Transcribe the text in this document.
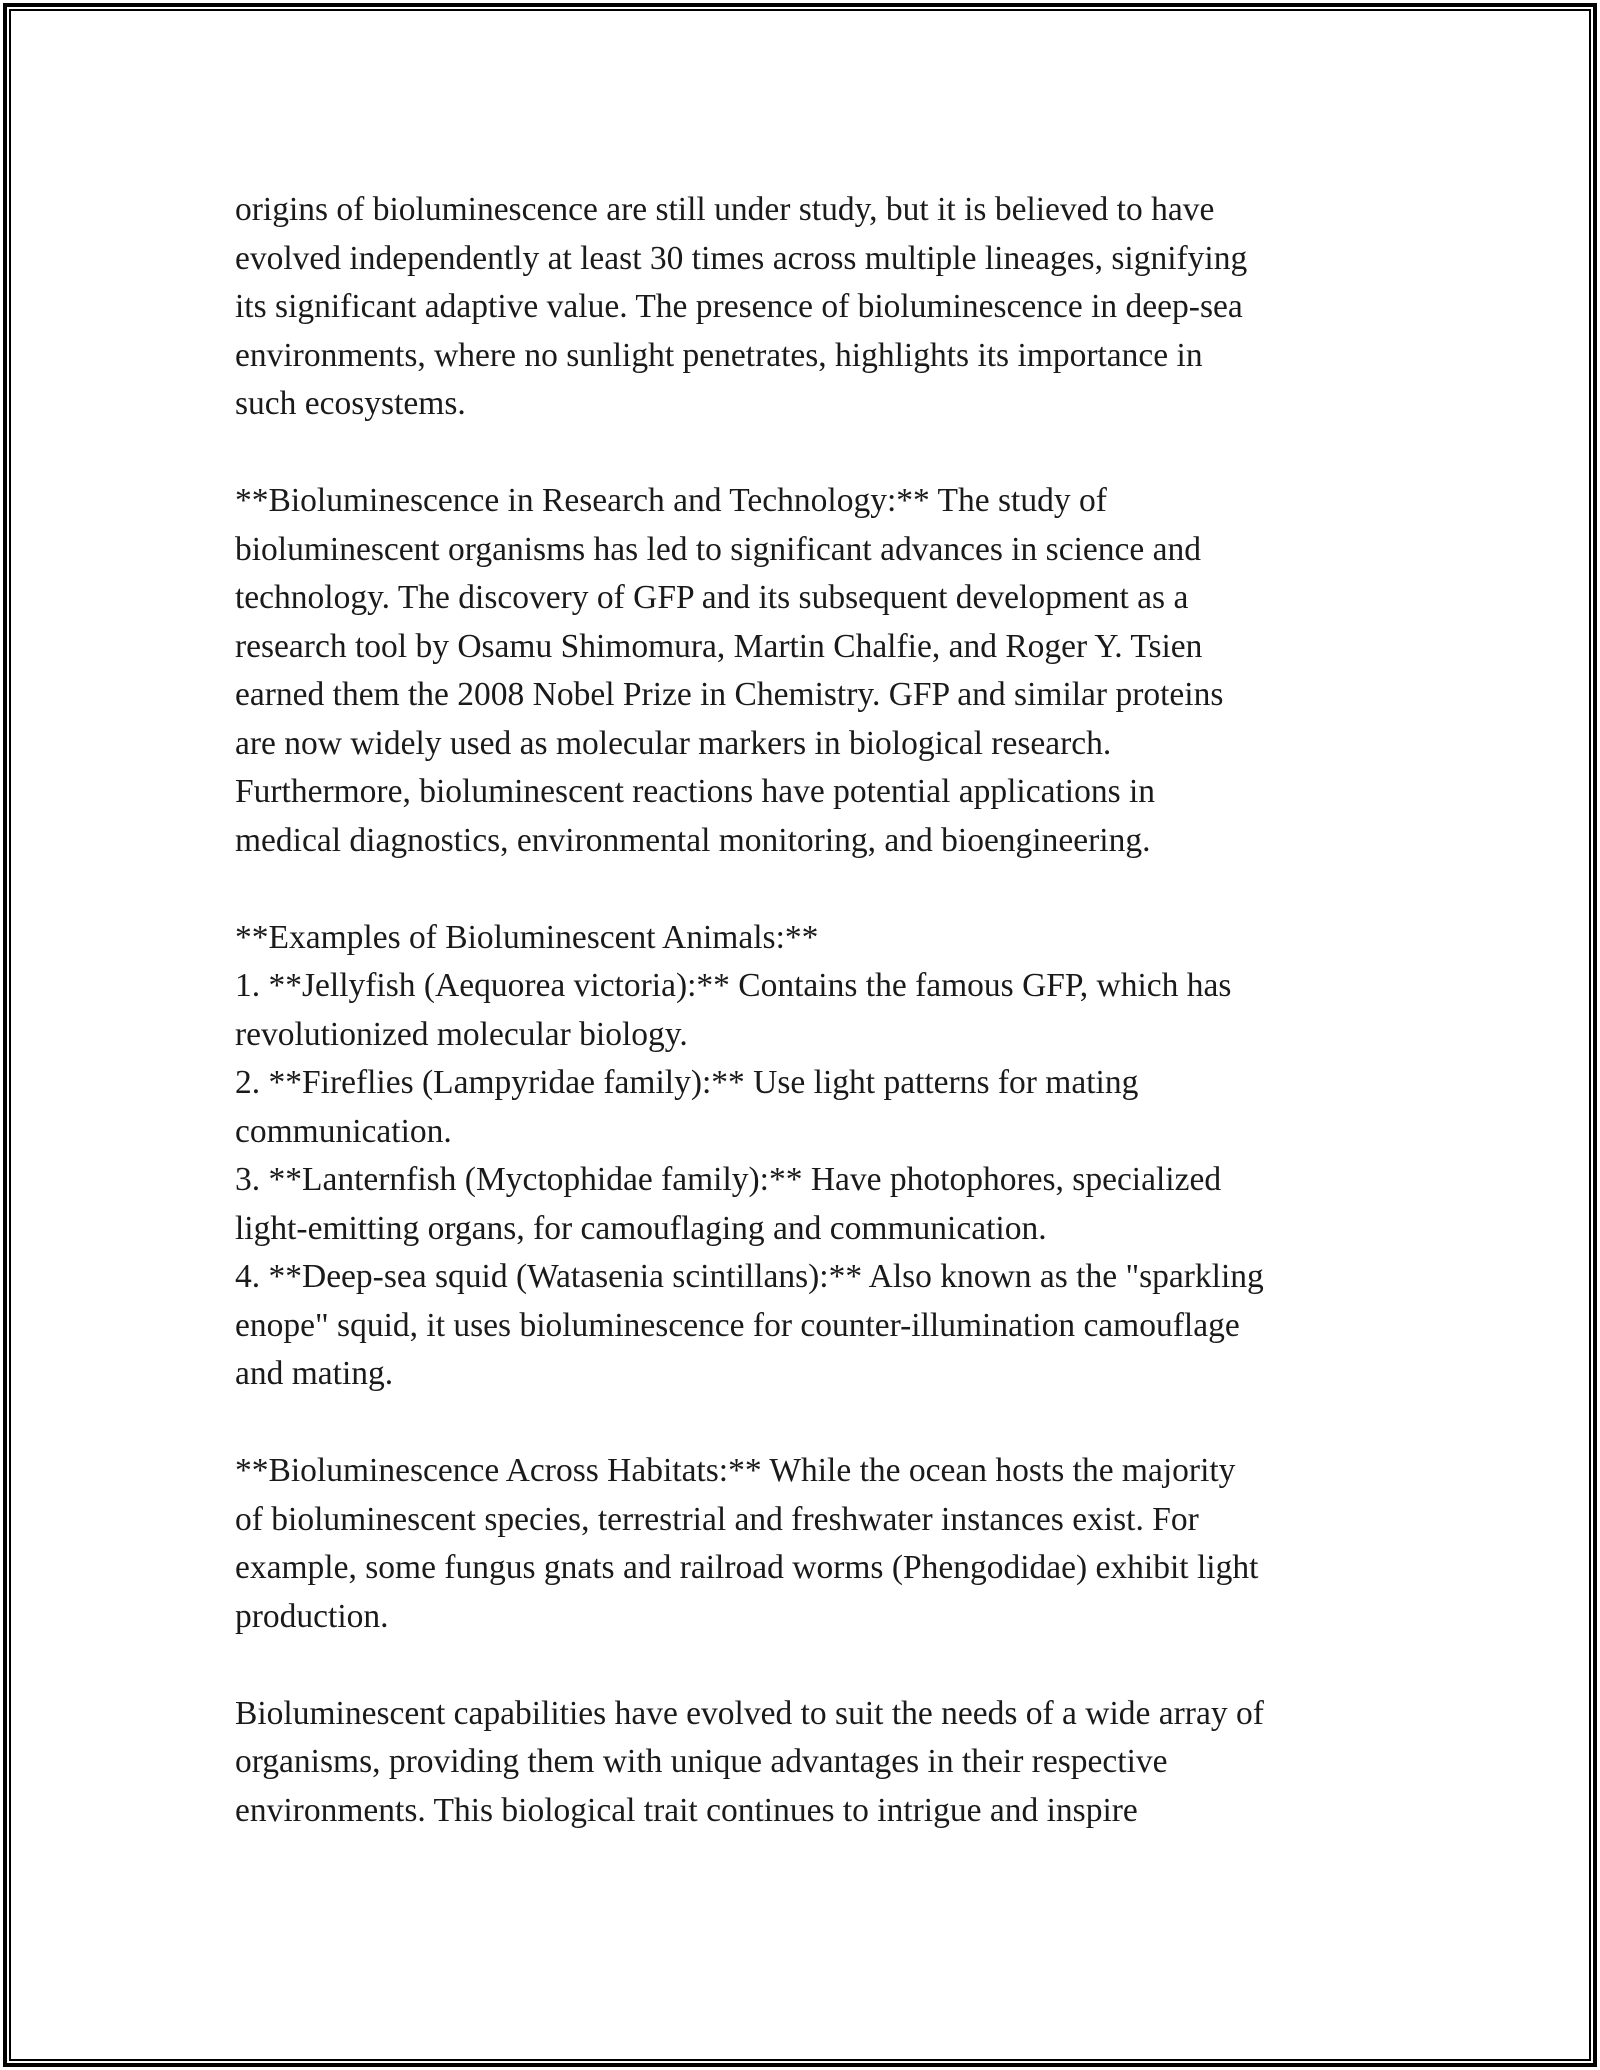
origins of bioluminescence are still under study, but it is believed to have
evolved independently at least 30 times across multiple lineages, signifying
its significant adaptive value. The presence of bioluminescence in deep-sea
environments, where no sunlight penetrates, highlights its importance in
such ecosystems.

**Bioluminescence in Research and Technology:** The study of
bioluminescent organisms has led to significant advances in science and
technology. The discovery of GFP and its subsequent development as a
research tool by Osamu Shimomura, Martin Chalfie, and Roger Y. Tsien
earned them the 2008 Nobel Prize in Chemistry. GFP and similar proteins
are now widely used as molecular markers in biological research.
Furthermore, bioluminescent reactions have potential applications in
medical diagnostics, environmental monitoring, and bioengineering.

**Examples of Bioluminescent Animals:**
1. **Jellyfish (Aequorea victoria):** Contains the famous GFP, which has
revolutionized molecular biology.
2. **Fireflies (Lampyridae family):** Use light patterns for mating
communication.
3. **Lanternfish (Myctophidae family):** Have photophores, specialized
light-emitting organs, for camouflaging and communication.
4. **Deep-sea squid (Watasenia scintillans):** Also known as the "sparkling
enope" squid, it uses bioluminescence for counter-illumination camouflage
and mating.

**Bioluminescence Across Habitats:** While the ocean hosts the majority
of bioluminescent species, terrestrial and freshwater instances exist. For
example, some fungus gnats and railroad worms (Phengodidae) exhibit light
production.

Bioluminescent capabilities have evolved to suit the needs of a wide array of
organisms, providing them with unique advantages in their respective
environments. This biological trait continues to intrigue and inspire
